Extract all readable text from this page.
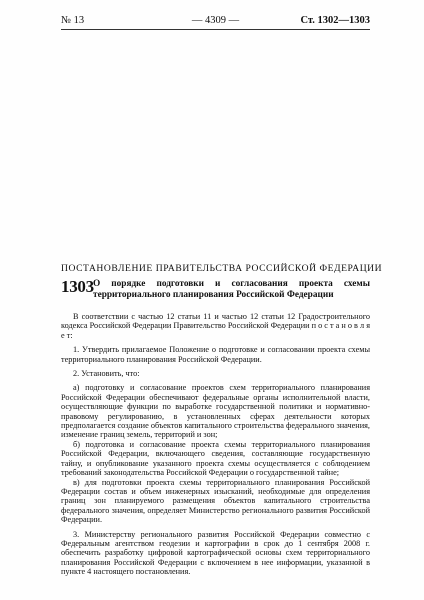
№ 13	— 4309 —	Ст. 1302—1303
ПОСТАНОВЛЕНИЕ ПРАВИТЕЛЬСТВА РОССИЙСКОЙ ФЕДЕРАЦИИ
1303 О порядке подготовки и согласования проекта схемы территориального планирования Российской Федерации

В соответствии с частью 12 статьи 11 и частью 12 статьи 12 Градостроительного кодекса Российской Федерации Правительство Российской Федерации п о с т а н о в л я е т:

1. Утвердить прилагаемое Положение о подготовке и согласовании проекта схемы территориального планирования Российской Федерации.

2. Установить, что:

а) подготовку и согласование проектов схем территориального планирования Российской Федерации обеспечивают федеральные органы исполнительной власти, осуществляющие функции по выработке государственной политики и нормативно-правовому регулированию, в установленных сферах деятельности которых предполагается создание объектов капитального строительства федерального значения, изменение границ земель, территорий и зон;

б) подготовка и согласование проекта схемы территориального планирования Российской Федерации, включающего сведения, составляющие государственную тайну, и опубликование указанного проекта схемы осуществляется с соблюдением требований законодательства Российской Федерации о государственной тайне;

в) для подготовки проекта схемы территориального планирования Российской Федерации состав и объем инженерных изысканий, необходимые для определения границ зон планируемого размещения объектов капитального строительства федерального значения, определяет Министерство регионального развития Российской Федерации.

3. Министерству регионального развития Российской Федерации совместно с Федеральным агентством геодезии и картографии в срок до 1 сентября 2008 г. обеспечить разработку цифровой картографической основы схем территориального планирования Российской Федерации с включением в нее информации, указанной в пункте 4 настоящего постановления.
